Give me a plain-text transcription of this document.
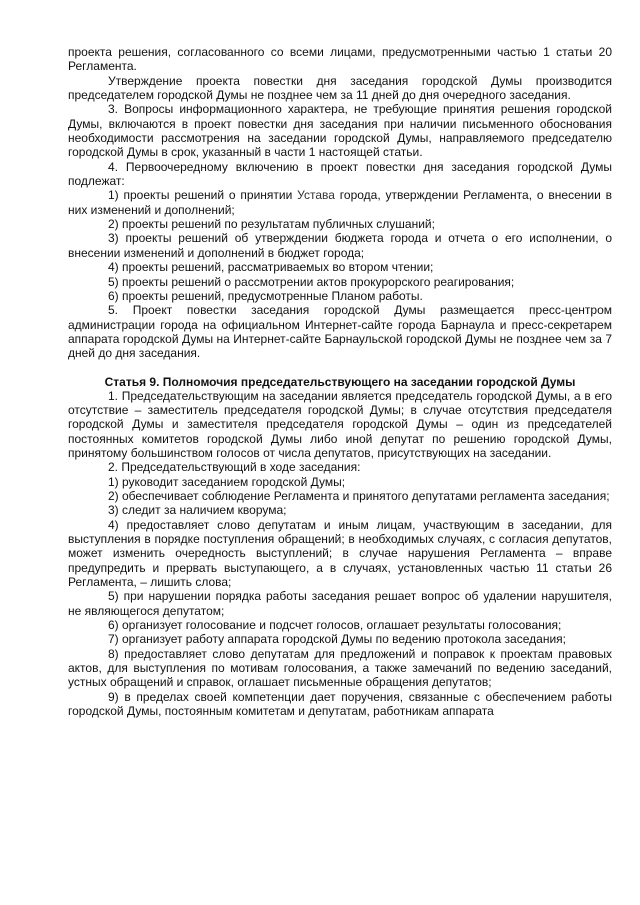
проекта решения, согласованного со всеми лицами, предусмотренными частью 1 статьи 20 Регламента.

Утверждение проекта повестки дня заседания городской Думы производится председателем городской Думы не позднее чем за 11 дней до дня очередного заседания.

3. Вопросы информационного характера, не требующие принятия решения городской Думы, включаются в проект повестки дня заседания при наличии письменного обоснования необходимости рассмотрения на заседании городской Думы, направляемого председателю городской Думы в срок, указанный в части 1 настоящей статьи.

4. Первоочередному включению в проект повестки дня заседания городской Думы подлежат:

1) проекты решений о принятии Устава города, утверждении Регламента, о внесении в них изменений и дополнений;

2) проекты решений по результатам публичных слушаний;

3) проекты решений об утверждении бюджета города и отчета о его исполнении, о внесении изменений и дополнений в бюджет города;

4) проекты решений, рассматриваемых во втором чтении;

5) проекты решений о рассмотрении актов прокурорского реагирования;

6) проекты решений, предусмотренные Планом работы.

5. Проект повестки заседания городской Думы размещается пресс-центром администрации города на официальном Интернет-сайте города Барнаула и пресс-секретарем аппарата городской Думы на Интернет-сайте Барнаульской городской Думы не позднее чем за 7 дней до дня заседания.

Статья 9. Полномочия председательствующего на заседании городской Думы

1. Председательствующим на заседании является председатель городской Думы, а в его отсутствие – заместитель председателя городской Думы; в случае отсутствия председателя городской Думы и заместителя председателя городской Думы – один из председателей постоянных комитетов городской Думы либо иной депутат по решению городской Думы, принятому большинством голосов от числа депутатов, присутствующих на заседании.

2. Председательствующий в ходе заседания:

1) руководит заседанием городской Думы;

2) обеспечивает соблюдение Регламента и принятого депутатами регламента заседания;

3) следит за наличием кворума;

4) предоставляет слово депутатам и иным лицам, участвующим в заседании, для выступления в порядке поступления обращений; в необходимых случаях, с согласия депутатов, может изменить очередность выступлений; в случае нарушения Регламента – вправе предупредить и прервать выступающего, а в случаях, установленных частью 11 статьи 26 Регламента, – лишить слова;

5) при нарушении порядка работы заседания решает вопрос об удалении нарушителя, не являющегося депутатом;

6) организует голосование и подсчет голосов, оглашает результаты голосования;

7) организует работу аппарата городской Думы по ведению протокола заседания;

8) предоставляет слово депутатам для предложений и поправок к проектам правовых актов, для выступления по мотивам голосования, а также замечаний по ведению заседаний, устных обращений и справок, оглашает письменные обращения депутатов;

9) в пределах своей компетенции дает поручения, связанные с обеспечением работы городской Думы, постоянным комитетам и депутатам, работникам аппарата
